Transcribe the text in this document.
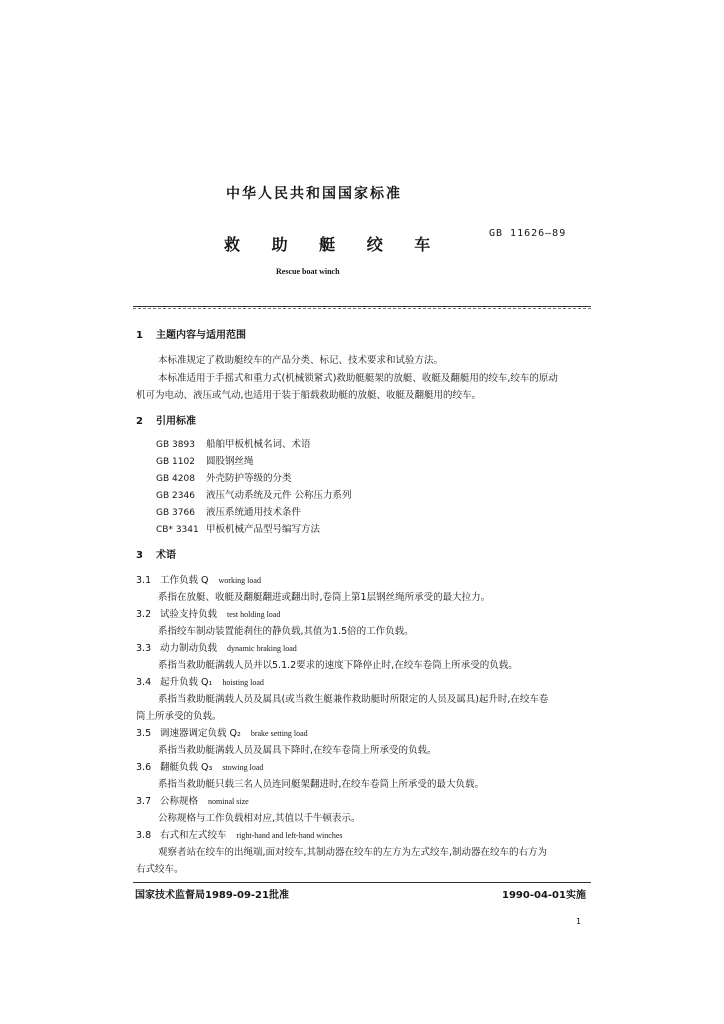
中华人民共和国国家标准
救 助 艇 绞 车
GB 11626—89
Rescue boat winch
1 主题内容与适用范围
本标准规定了救助艇绞车的产品分类、标记、技术要求和试验方法。
本标准适用于手摇式和重力式(机械锁紧式)救助艇艇架的放艇、收艇及翻艇用的绞车,绞车的原动
机可为电动、液压或气动,也适用于装于船载救助艇的放艇、收艇及翻艇用的绞车。
2 引用标准
GB 3893 船舶甲板机械名词、术语
GB 1102 圆股钢丝绳
GB 4208 外壳防护等级的分类
GB 2346 液压气动系统及元件 公称压力系列
GB 3766 液压系统通用技术条件
CB* 3341 甲板机械产品型号编写方法
3 术语
3.1 工作负载 Q working load
系指在放艇、收艇及翻艇翻进或翻出时,卷筒上第1层钢丝绳所承受的最大拉力。
3.2 试验支持负载 test holding load
系指绞车制动装置能刹住的静负载,其值为1.5倍的工作负载。
3.3 动力制动负载 dynamic braking load
系指当救助艇满载人员并以5.1.2要求的速度下降停止时,在绞车卷筒上所承受的负载。
3.4 起升负载 Q₁ hoisting load
系指当救助艇满载人员及属具(或当救生艇兼作救助艇时所限定的人员及属具)起升时,在绞车卷
筒上所承受的负载。
3.5 调速器调定负载 Q₂ brake setting load
系指当救助艇满载人员及属具下降时,在绞车卷筒上所承受的负载。
3.6 翻艇负载 Q₃ stowing load
系指当救助艇只载三名人员连同艇架翻进时,在绞车卷筒上所承受的最大负载。
3.7 公称规格 nominal size
公称规格与工作负载相对应,其值以千牛顿表示。
3.8 右式和左式绞车 right-hand and left-hand winches
观察者站在绞车的出绳端,面对绞车,其制动器在绞车的左方为左式绞车,制动器在绞车的右方为
右式绞车。
国家技术监督局1989-09-21批准	1990-04-01实施
1
